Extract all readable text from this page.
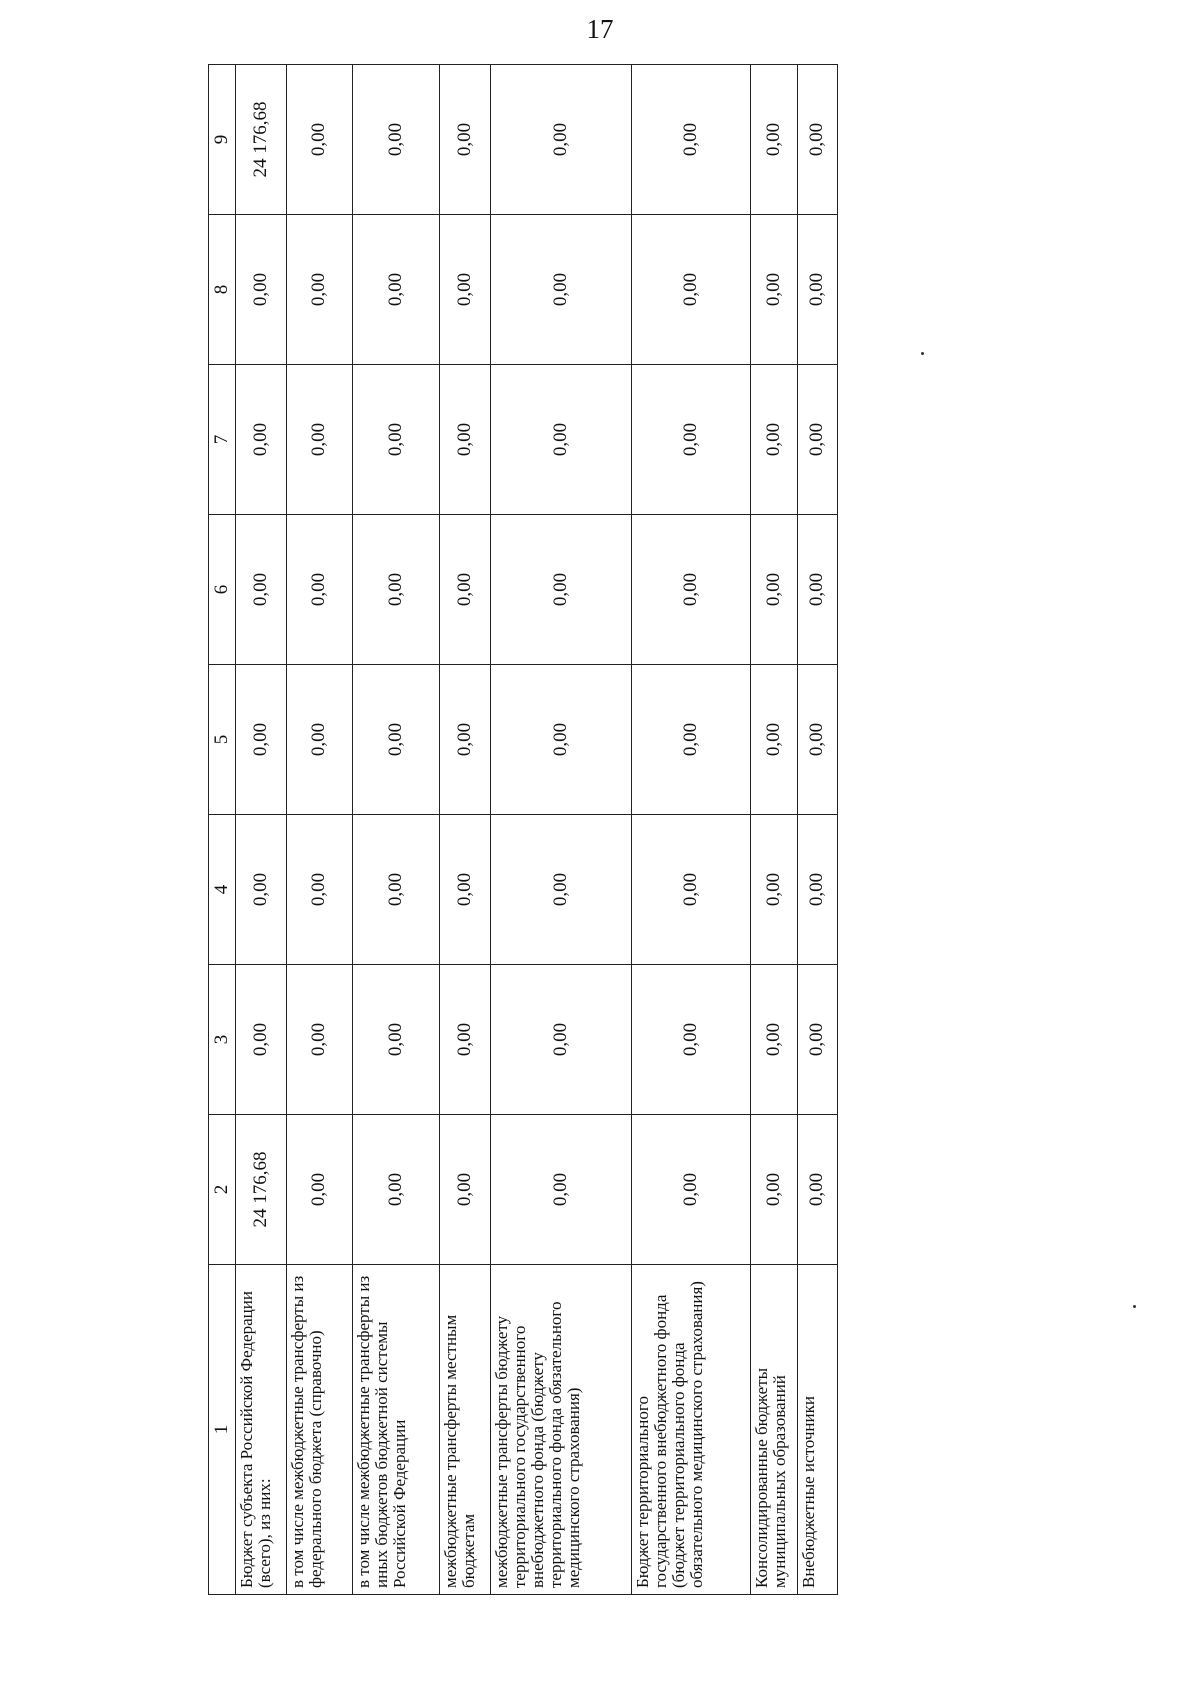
17
1	2	3	4	5	6	7	8	9
Бюджет субъекта Российской Федерации (всего), из них:	24 176,68	0,00	0,00	0,00	0,00	0,00	0,00	24 176,68
в том числе межбюджетные трансферты из федерального бюджета (справочно)	0,00	0,00	0,00	0,00	0,00	0,00	0,00	0,00
в том числе межбюджетные трансферты из иных бюджетов бюджетной системы Российской Федерации	0,00	0,00	0,00	0,00	0,00	0,00	0,00	0,00
межбюджетные трансферты местным бюджетам	0,00	0,00	0,00	0,00	0,00	0,00	0,00	0,00
межбюджетные трансферты бюджету территориального государственного внебюджетного фонда (бюджету территориального фонда обязательного медицинского страхования)	0,00	0,00	0,00	0,00	0,00	0,00	0,00	0,00
Бюджет территориального государственного внебюджетного фонда (бюджет территориального фонда обязательного медицинского страхования)	0,00	0,00	0,00	0,00	0,00	0,00	0,00	0,00
Консолидированные бюджеты муниципальных образований	0,00	0,00	0,00	0,00	0,00	0,00	0,00	0,00
Внебюджетные источники	0,00	0,00	0,00	0,00	0,00	0,00	0,00	0,00
